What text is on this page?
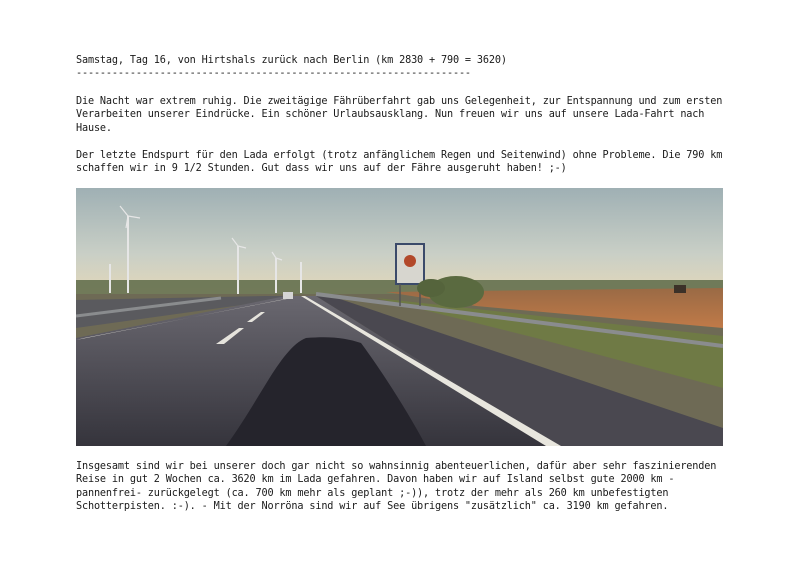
Samstag, Tag 16, von Hirtshals zurück nach Berlin (km 2830 + 790 = 3620)
------------------------------------------------------------------
Die Nacht war extrem ruhig. Die zweitägige Fährüberfahrt gab uns Gelegenheit, zur Entspannung und zum ersten Verarbeiten unserer Eindrücke. Ein schöner Urlaubsausklang. Nun freuen wir uns auf unsere Lada-Fahrt nach Hause.
Der letzte Endspurt für den Lada erfolgt (trotz anfänglichem Regen und Seitenwind) ohne Probleme. Die 790 km schaffen wir in 9 1/2 Stunden. Gut dass wir uns auf der Fähre ausgeruht haben! ;-)
Insgesamt sind wir bei unserer doch gar nicht so wahnsinnig abenteuerlichen, dafür aber sehr faszinierenden Reise in gut 2 Wochen ca. 3620 km im Lada gefahren. Davon haben wir auf Island selbst gute 2000 km -pannenfrei- zurückgelegt (ca. 700 km mehr als geplant ;-)), trotz der mehr als 260 km unbefestigten Schotterpisten. :-). - Mit der Norröna sind wir auf See übrigens "zusätzlich" ca. 3190 km gefahren.
